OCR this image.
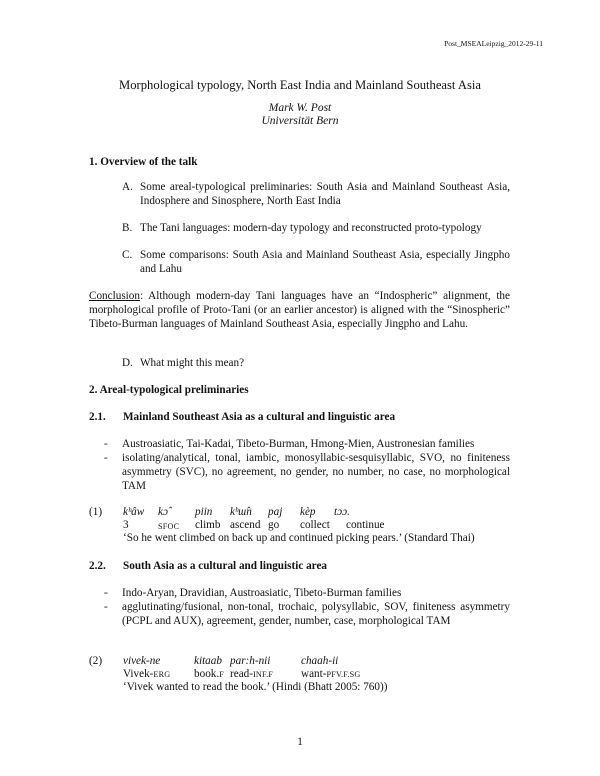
Post_MSEALeipzig_2012-29-11
Morphological typology, North East India and Mainland Southeast Asia
Mark W. Post
Universität Bern
1. Overview of the talk
A. Some areal-typological preliminaries: South Asia and Mainland Southeast Asia, Indosphere and Sinosphere, North East India
B. The Tani languages: modern-day typology and reconstructed proto-typology
C. Some comparisons: South Asia and Mainland Southeast Asia, especially Jingpho and Lahu
Conclusion: Although modern-day Tani languages have an “Indospheric” alignment, the morphological profile of Proto-Tani (or an earlier ancestor) is aligned with the “Sinospheric” Tibeto-Burman languages of Mainland Southeast Asia, especially Jingpho and Lahu.
D. What might this mean?
2. Areal-typological preliminaries
2.1. Mainland Southeast Asia as a cultural and linguistic area
- Austroasiatic, Tai-Kadai, Tibeto-Burman, Hmong-Mien, Austronesian families
- isolating/analytical, tonal, iambic, monosyllabic-sesquisyllabic, SVO, no finiteness asymmetry (SVC), no agreement, no gender, no number, no case, no morphological TAM
(1) kʰâw kɔ̂ piin kʰɯ̂n paj kèp tɔɔ.
3	SFOC climb ascend go collect continue
‘So he went climbed on back up and continued picking pears.’ (Standard Thai)
2.2. South Asia as a cultural and linguistic area
- Indo-Aryan, Dravidian, Austroasiatic, Tibeto-Burman families
- agglutinating/fusional, non-tonal, trochaic, polysyllabic, SOV, finiteness asymmetry (PCPL and AUX), agreement, gender, number, case, morphological TAM
(2) vivek-ne	kitaab par:h-nii	chaah-ii
Vivek-ERG book.F read-INF.F want-PFV.F.SG
‘Vivek wanted to read the book.’ (Hindi (Bhatt 2005: 760))
1
